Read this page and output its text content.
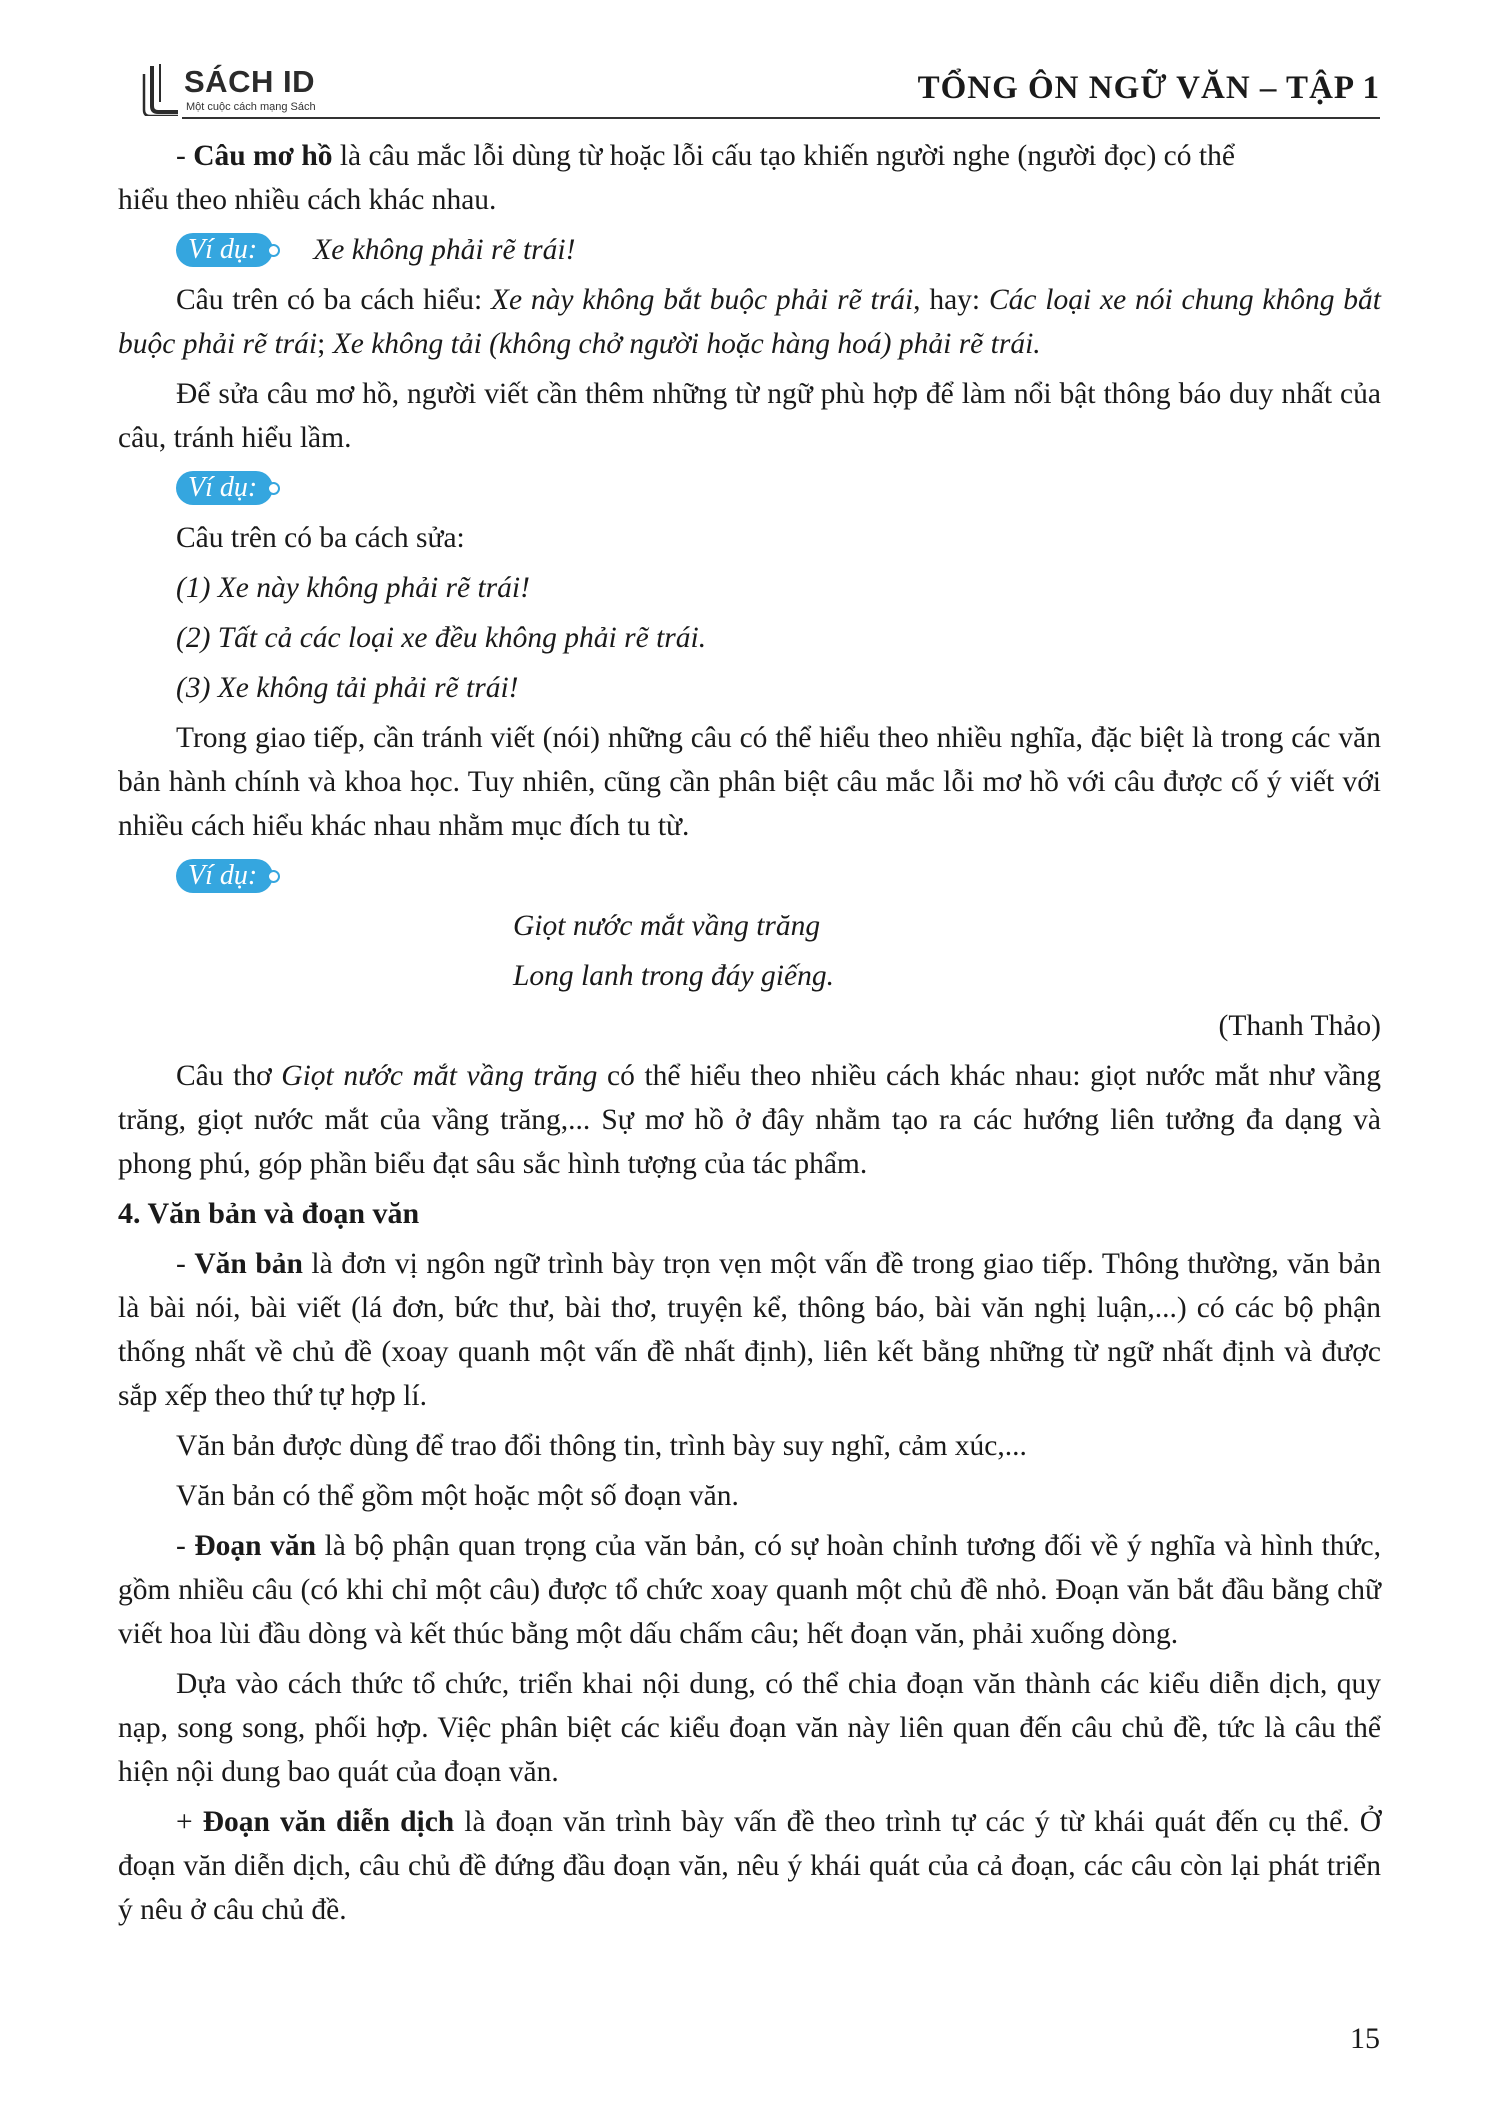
SÁCH ID
Một cuộc cách mạng Sách
TỔNG ÔN NGỮ VĂN – TẬP 1

- Câu mơ hồ là câu mắc lỗi dùng từ hoặc lỗi cấu tạo khiến người nghe (người đọc) có thể

hiểu theo nhiều cách khác nhau.

Ví dụ: Xe không phải rẽ trái!

Câu trên có ba cách hiểu: Xe này không bắt buộc phải rẽ trái, hay: Các loại xe nói chung không bắt buộc phải rẽ trái; Xe không tải (không chở người hoặc hàng hoá) phải rẽ trái.

Để sửa câu mơ hồ, người viết cần thêm những từ ngữ phù hợp để làm nổi bật thông báo duy nhất của câu, tránh hiểu lầm.

Ví dụ:

Câu trên có ba cách sửa:

(1) Xe này không phải rẽ trái!

(2) Tất cả các loại xe đều không phải rẽ trái.

(3) Xe không tải phải rẽ trái!

Trong giao tiếp, cần tránh viết (nói) những câu có thể hiểu theo nhiều nghĩa, đặc biệt là trong các văn bản hành chính và khoa học. Tuy nhiên, cũng cần phân biệt câu mắc lỗi mơ hồ với câu được cố ý viết với nhiều cách hiểu khác nhau nhằm mục đích tu từ.

Ví dụ:
Giọt nước mắt vầng trăng
Long lanh trong đáy giếng.
(Thanh Thảo)

Câu thơ Giọt nước mắt vầng trăng có thể hiểu theo nhiều cách khác nhau: giọt nước mắt như vầng trăng, giọt nước mắt của vầng trăng,... Sự mơ hồ ở đây nhằm tạo ra các hướng liên tưởng đa dạng và phong phú, góp phần biểu đạt sâu sắc hình tượng của tác phẩm.

4. Văn bản và đoạn văn

- Văn bản là đơn vị ngôn ngữ trình bày trọn vẹn một vấn đề trong giao tiếp. Thông thường, văn bản là bài nói, bài viết (lá đơn, bức thư, bài thơ, truyện kể, thông báo, bài văn nghị luận,...) có các bộ phận thống nhất về chủ đề (xoay quanh một vấn đề nhất định), liên kết bằng những từ ngữ nhất định và được sắp xếp theo thứ tự hợp lí.

Văn bản được dùng để trao đổi thông tin, trình bày suy nghĩ, cảm xúc,...

Văn bản có thể gồm một hoặc một số đoạn văn.

- Đoạn văn là bộ phận quan trọng của văn bản, có sự hoàn chỉnh tương đối về ý nghĩa và hình thức, gồm nhiều câu (có khi chỉ một câu) được tổ chức xoay quanh một chủ đề nhỏ. Đoạn văn bắt đầu bằng chữ viết hoa lùi đầu dòng và kết thúc bằng một dấu chấm câu; hết đoạn văn, phải xuống dòng.

Dựa vào cách thức tổ chức, triển khai nội dung, có thể chia đoạn văn thành các kiểu diễn dịch, quy nạp, song song, phối hợp. Việc phân biệt các kiểu đoạn văn này liên quan đến câu chủ đề, tức là câu thể hiện nội dung bao quát của đoạn văn.

+ Đoạn văn diễn dịch là đoạn văn trình bày vấn đề theo trình tự các ý từ khái quát đến cụ thể. Ở đoạn văn diễn dịch, câu chủ đề đứng đầu đoạn văn, nêu ý khái quát của cả đoạn, các câu còn lại phát triển ý nêu ở câu chủ đề.

15
